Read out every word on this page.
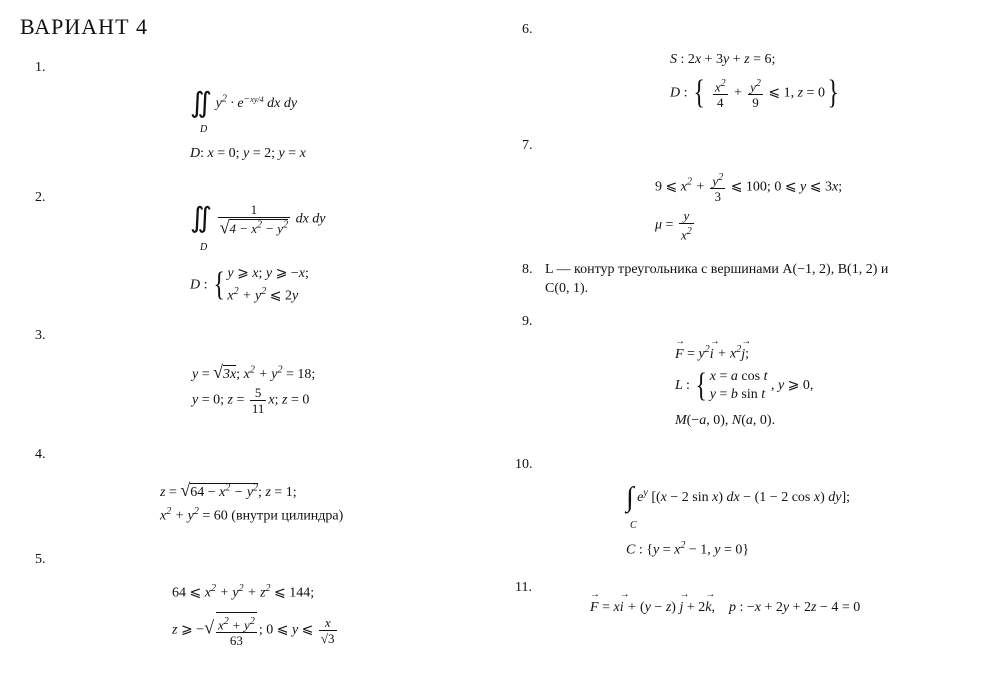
ВАРИАНТ 4
1.
∬ $y^2 \cdot e^{-xy/4}$ dx dy
D
D: x = 0; y = 2; y = x
2.
∬ $\frac{1}{√4 - x^2 - y^2}$ dx dy
D
D : { y ⩾ x; y ⩾ −x;
$x^2 + y^2$ ⩽ 2y
3.
y = √3x; $x^2 + y^2 = 18$;
y = 0; $z = \frac{5}{11} x$; z = 0
4.
$z = √64 - x^2 - y^2$; z = 1;
$x^2 + y^2 = 60$ (внутри цилиндра)
5.
64 ⩽ $x^2 + y^2 + z^2$ ⩽ 144;
z ⩾ −√ $\frac{x^2 + y^2}{63}$ ; 0 ⩽ y ⩽ $\frac{x}{√3}$
6.
S : 2x + 3y + z = 6;
D : { $\frac{x^2}{4} + \frac{y^2}{9}$ ⩽ 1, z = 0}
7.
9 ⩽ $x^2 + \frac{y^2}{3}$ ⩽ 100; 0 ⩽ y ⩽ 3x;
$\mu = \frac{y}{x^2}$
8. L — контур треугольника с вершинами A(−1, 2), B(1, 2) и
C(0, 1).
9.
→ $F = y^2\to i + x^2\to j$;
L : { x = a cos t
y = b sin t , y ⩾ 0,
M(−a, 0), N(a, 0).
10.
∫ $e^y$ [(x − 2 sin x) dx − (1 − 2 cos x) dy];
C
C : {$y = x^2 - 1$, y = 0}
11.
→ F = x→ i + (y − z) → j + 2→ k,    p : −x + 2y + 2z − 4 = 0
